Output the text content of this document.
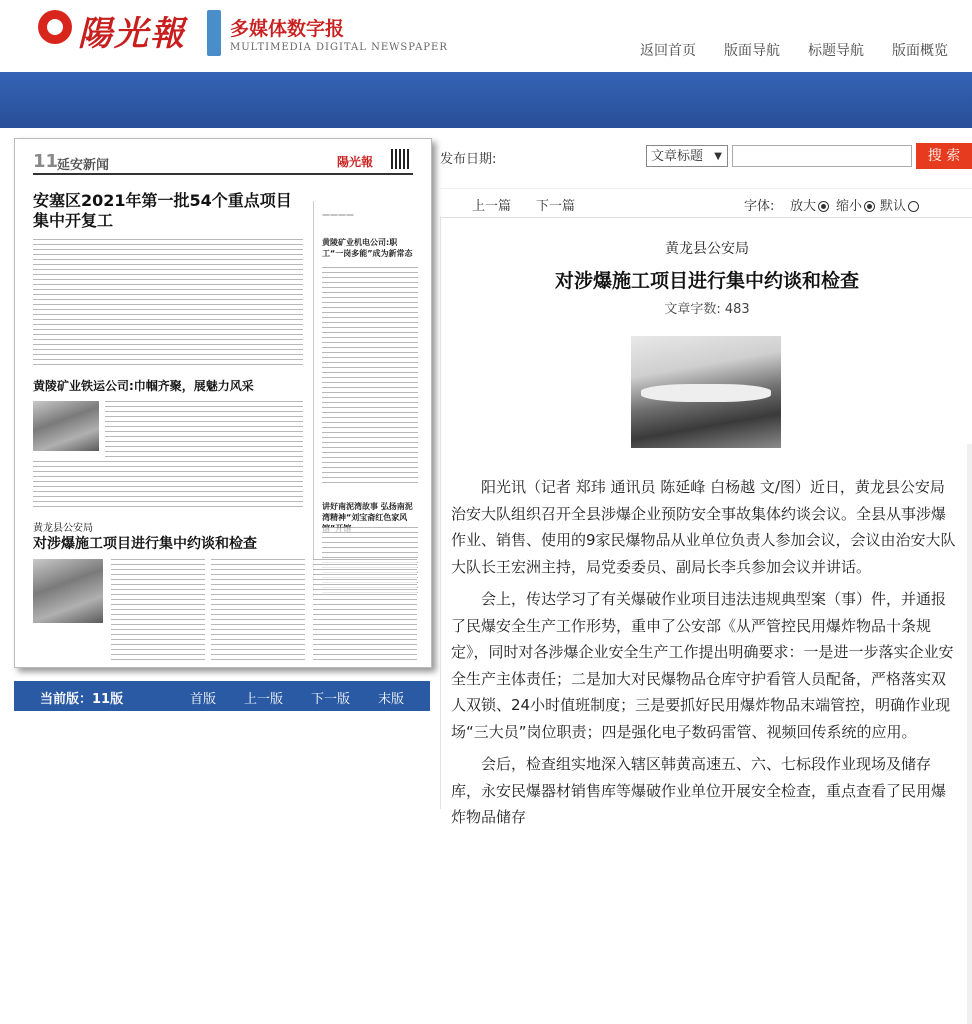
陽光報 多媒体数字报
MULTIMEDIA DIGITAL NEWSPAPER	返回首页 版面导航 标题导航 版面概览
11
延安新闻	陽光報
安塞区2021年第一批54个重点项目集中开复工	————
黄陵矿业机电公司:职工“一岗多能”成为新常态
讲好南泥湾故事 弘扬南泥湾精神“刘宝斋红色家风
黄陵矿业铁运公司:巾帼齐聚，展魅力风采
黄龙县公安局
对涉爆施工项目进行集中约谈和检查
当前版：11版	首版 上一版 下一版 末版
发布日期:	文章标题 ▼	搜 索
上一篇 下一篇	字体: 放大	缩小	默认
黄龙县公安局
对涉爆施工项目进行集中约谈和检查
文章字数: 483

阳光讯（记者 郑玮 通讯员 陈延峰 白杨越 文/图）近日，黄龙县公安局治安大队组织召开全县涉爆企业预防安全事故集体约谈会议。全县从事涉爆作业、销售、使用的9家民爆物品从业单位负责人参加会议，会议由治安大队大队长王宏洲主持，局党委委员、副局长李兵参加会议并讲话。

会上，传达学习了有关爆破作业项目违法违规典型案（事）件，并通报了民爆安全生产工作形势，重申了公安部《从严管控民用爆炸物品十条规定》，同时对各涉爆企业安全生产工作提出明确要求：一是进一步落实企业安全生产主体责任；二是加大对民爆物品仓库守护看管人员配备，严格落实双人双锁、24小时值班制度；三是要抓好民用爆炸物品末端管控，明确作业现场“三大员”岗位职责；四是强化电子数码雷管、视频回传系统的应用。

会后，检查组实地深入辖区韩黄高速五、六、七标段作业现场及储存库，永安民爆器材销售库等爆破作业单位开展安全检查，重点查看了民用爆炸物品储存
